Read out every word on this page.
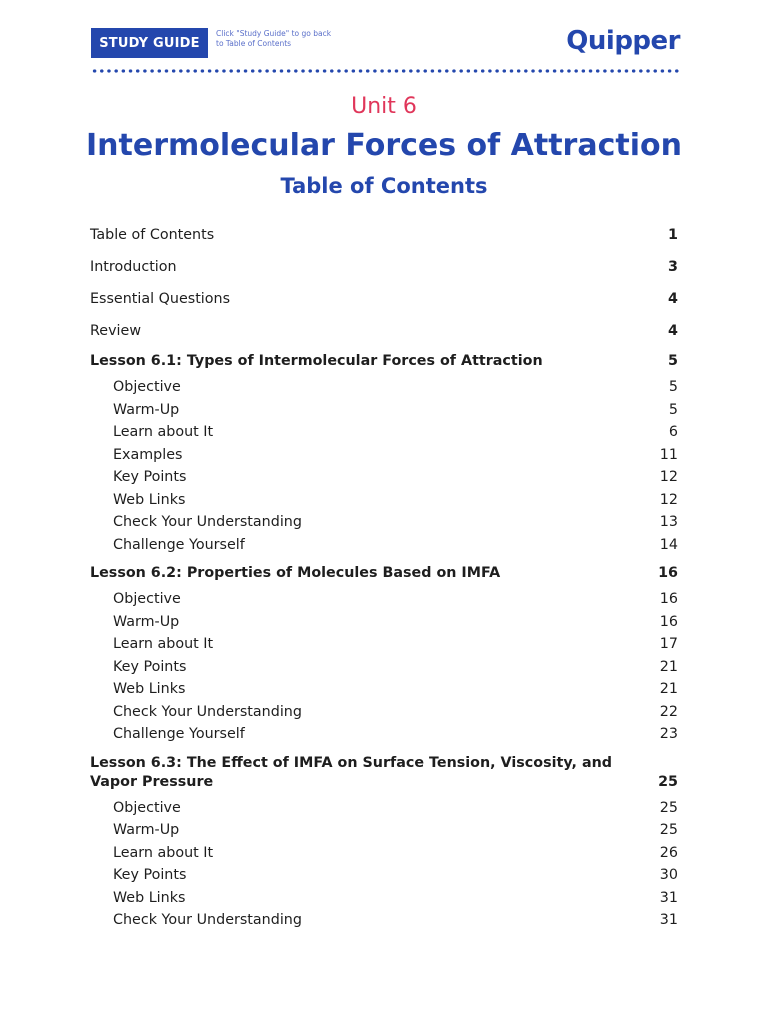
STUDY GUIDE
Click "Study Guide" to go back to Table of Contents	Quipper

Unit 6

Intermolecular Forces of Attraction
Table of Contents
Table of Contents	1
Introduction	3
Essential Questions	4
Review	4
Lesson 6.1: Types of Intermolecular Forces of Attraction	5
Objective	5
Warm-Up	5
Learn about It	6
Examples	11
Key Points	12
Web Links	12
Check Your Understanding	13
Challenge Yourself	14
Lesson 6.2: Properties of Molecules Based on IMFA	16
Objective	16
Warm-Up	16
Learn about It	17
Key Points	21
Web Links	21
Check Your Understanding	22
Challenge Yourself	23
Lesson 6.3: The Effect of IMFA on Surface Tension, Viscosity, and Vapor Pressure	25
Objective	25
Warm-Up	25
Learn about It	26
Key Points	30
Web Links	31
Check Your Understanding	31
